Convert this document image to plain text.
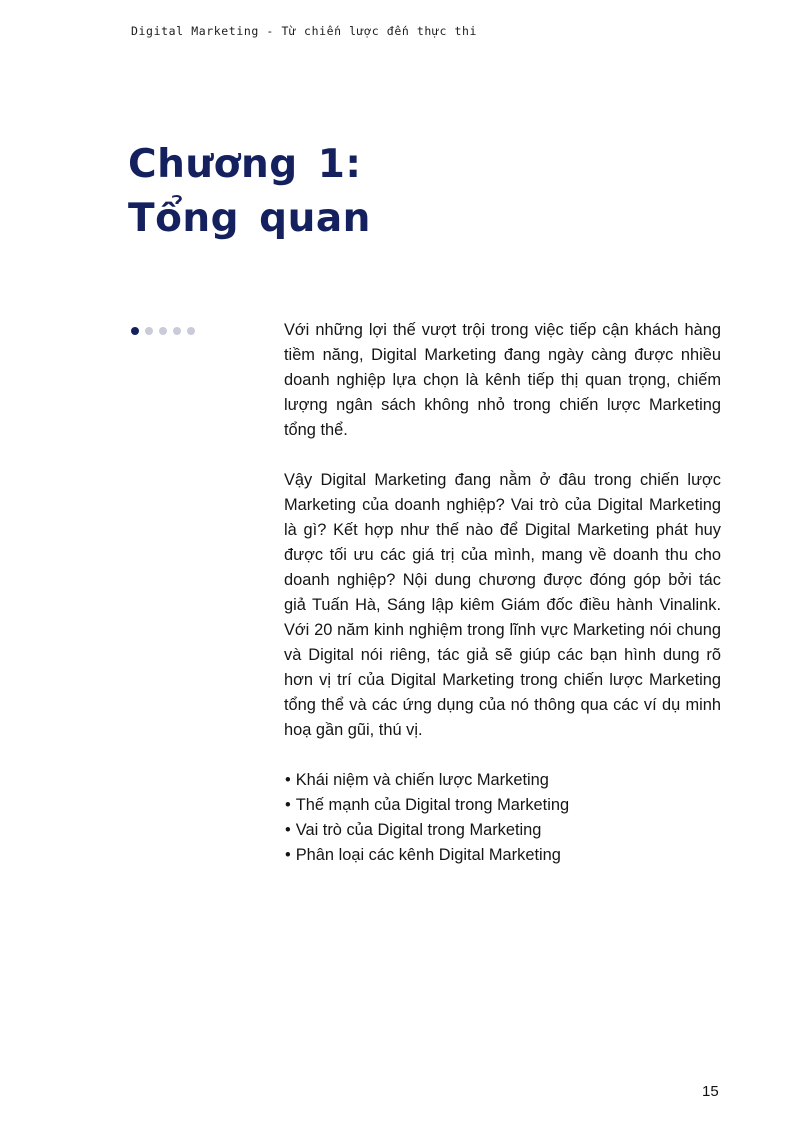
Digital Marketing - Từ chiến lược đến thực thi
Chương 1:
Tổng quan

Với những lợi thế vượt trội trong việc tiếp cận khách hàng tiềm năng, Digital Marketing đang ngày càng được nhiều doanh nghiệp lựa chọn là kênh tiếp thị quan trọng, chiếm lượng ngân sách không nhỏ trong chiến lược Marketing tổng thể.

Vậy Digital Marketing đang nằm ở đâu trong chiến lược Marketing của doanh nghiệp? Vai trò của Digital Marketing là gì? Kết hợp như thế nào để Digital Marketing phát huy được tối ưu các giá trị của mình, mang về doanh thu cho doanh nghiệp? Nội dung chương được đóng góp bởi tác giả Tuấn Hà, Sáng lập kiêm Giám đốc điều hành Vinalink. Với 20 năm kinh nghiệm trong lĩnh vực Marketing nói chung và Digital nói riêng, tác giả sẽ giúp các bạn hình dung rõ hơn vị trí của Digital Marketing trong chiến lược Marketing tổng thể và các ứng dụng của nó thông qua các ví dụ minh hoạ gần gũi, thú vị.

• Khái niệm và chiến lược Marketing
• Thế mạnh của Digital trong Marketing
• Vai trò của Digital trong Marketing
• Phân loại các kênh Digital Marketing
15
